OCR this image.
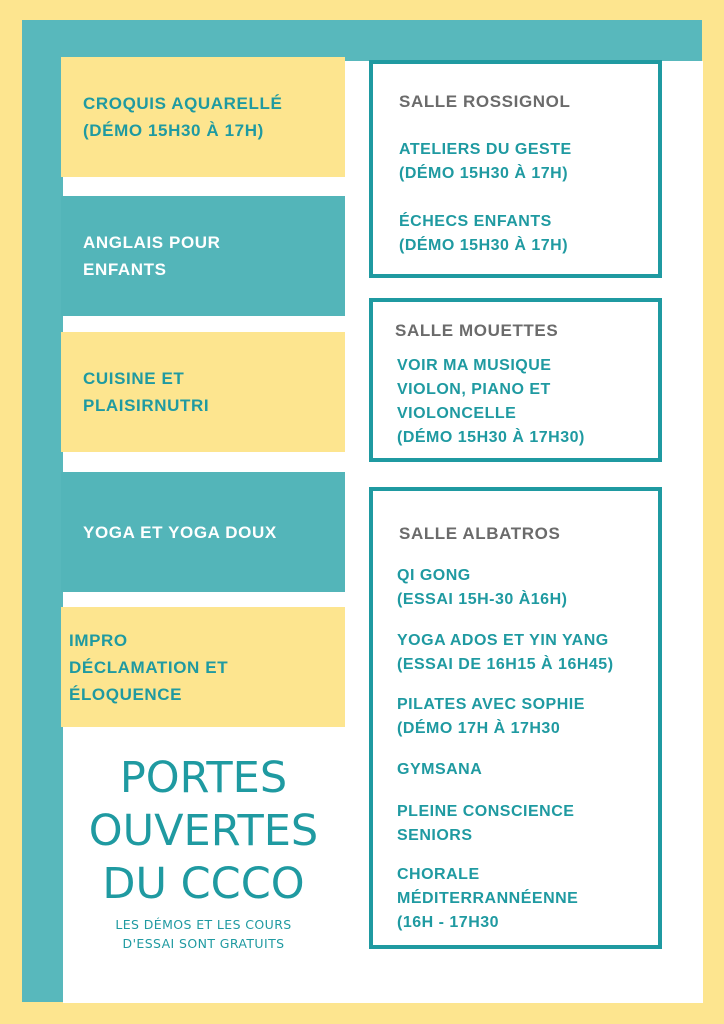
CROQUIS AQUARELLÉ
(DÉMO 15H30 À 17H)
ANGLAIS POUR
ENFANTS
CUISINE ET
PLAISIRNUTRI
YOGA ET YOGA DOUX
IMPRO
DÉCLAMATION ET
ÉLOQUENCE
SALLE ROSSIGNOL
ATELIERS DU GESTE
(DÉMO 15H30 À 17H)
ÉCHECS ENFANTS
(DÉMO 15H30 À 17H)
SALLE MOUETTES
VOIR MA MUSIQUE
VIOLON, PIANO ET
VIOLONCELLE
(DÉMO 15H30 À 17H30)
SALLE ALBATROS
QI GONG
(ESSAI 15H-30 À16H)
YOGA ADOS ET YIN YANG
(ESSAI DE 16H15 À 16H45)
PILATES AVEC SOPHIE
(DÉMO 17H À 17H30
GYMSANA
PLEINE CONSCIENCE
SENIORS
CHORALE
MÉDITERRANNÉENNE
(16H - 17H30
PORTES
OUVERTES
DU CCCO
LES DÉMOS ET LES COURS
D'ESSAI SONT GRATUITS
